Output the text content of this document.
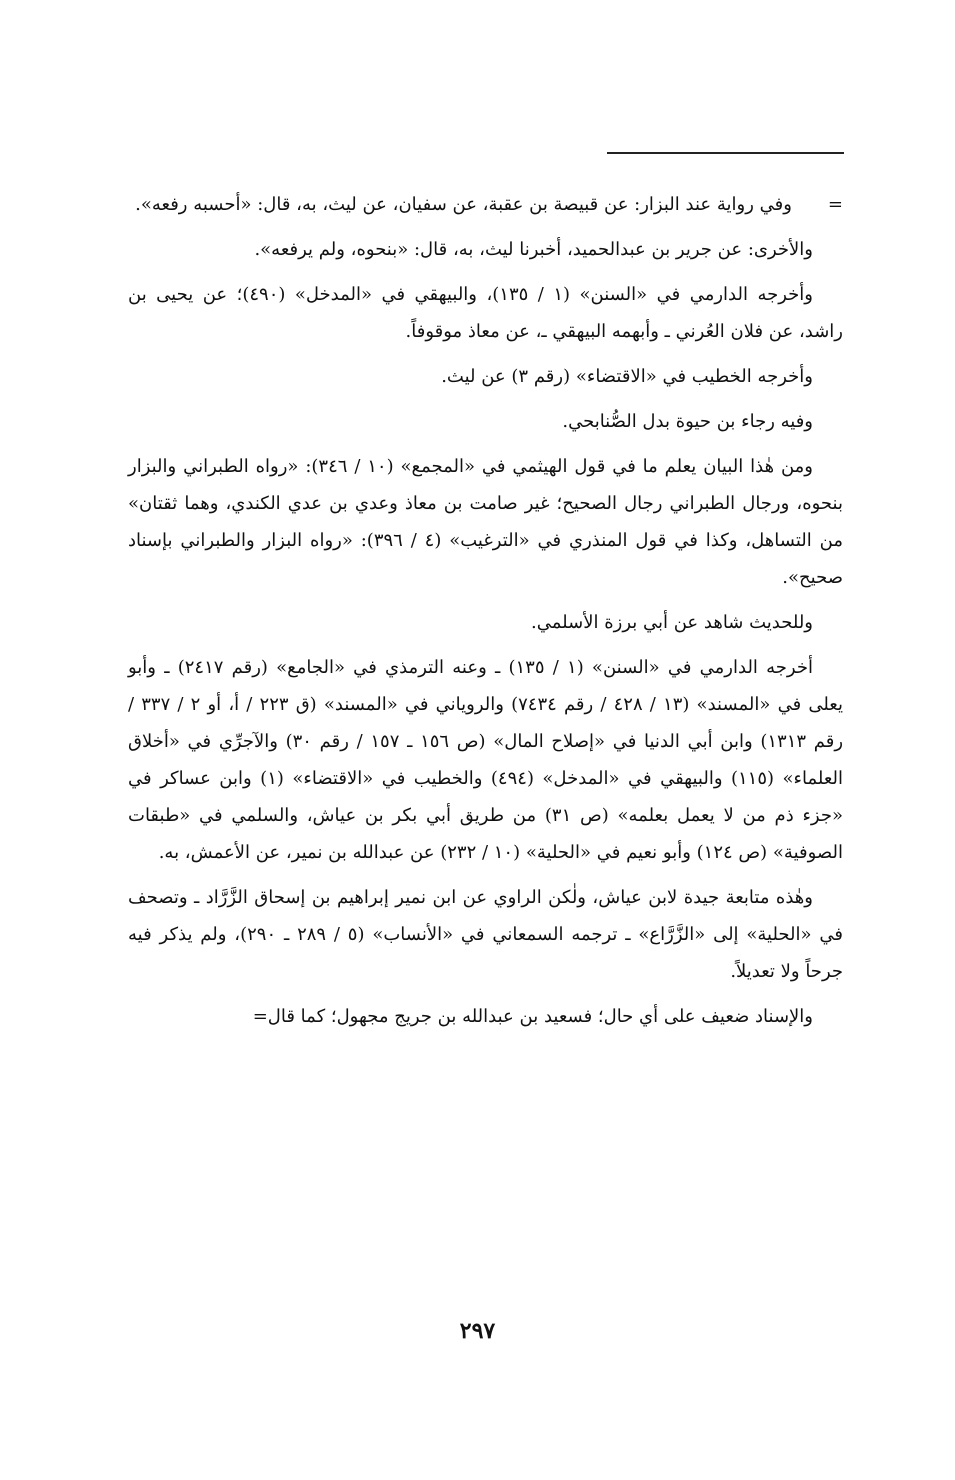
=وفي رواية عند البزار: عن قبيصة بن عقبة، عن سفيان، عن ليث، به، قال: «أحسبه رفعه».

والأخرى: عن جرير بن عبدالحميد، أخبرنا ليث، به، قال: «بنحوه، ولم يرفعه».

وأخرجه الدارمي في «السنن» (١ / ١٣٥)، والبيهقي في «المدخل» (٤٩٠)؛ عن يحيى بن راشد، عن فلان العُرني ـ وأبهمه البيهقي ـ، عن معاذ موقوفاً.

وأخرجه الخطيب في «الاقتضاء» (رقم ٣) عن ليث.

وفيه رجاء بن حيوة بدل الصُّنابحي.

ومن هٰذا البيان يعلم ما في قول الهيثمي في «المجمع» (١٠ / ٣٤٦): «رواه الطبراني والبزار بنحوه، ورجال الطبراني رجال الصحيح؛ غير صامت بن معاذ وعدي بن عدي الكندي، وهما ثقتان» من التساهل، وكذا في قول المنذري في «الترغيب» (٤ / ٣٩٦): «رواه البزار والطبراني بإسناد صحيح».

وللحديث شاهد عن أبي برزة الأسلمي.

أخرجه الدارمي في «السنن» (١ / ١٣٥) ـ وعنه الترمذي في «الجامع» (رقم ٢٤١٧) ـ وأبو يعلى في «المسند» (١٣ / ٤٢٨ / رقم ٧٤٣٤) والروياني في «المسند» (ق ٢٢٣ / أ، أو ٢ / ٣٣٧ / رقم ١٣١٣) وابن أبي الدنيا في «إصلاح المال» (ص ١٥٦ ـ ١٥٧ / رقم ٣٠) والآجرِّي في «أخلاق العلماء» (١١٥) والبيهقي في «المدخل» (٤٩٤) والخطيب في «الاقتضاء» (١) وابن عساكر في «جزء ذم من لا يعمل بعلمه» (ص ٣١) من طريق أبي بكر بن عياش، والسلمي في «طبقات الصوفية» (ص ١٢٤) وأبو نعيم في «الحلية» (١٠ / ٢٣٢) عن عبدالله بن نمير، عن الأعمش، به.

وهٰذه متابعة جيدة لابن عياش، ولٰكن الراوي عن ابن نمير إبراهيم بن إسحاق الزَّرَّاد ـ وتصحف في «الحلية» إلى «الزَّرَّاع» ـ ترجمه السمعاني في «الأنساب» (٥ / ٢٨٩ ـ ٢٩٠)، ولم يذكر فيه جرحاً ولا تعديلاً.

والإسناد ضعيف على أي حال؛ فسعيد بن عبدالله بن جريج مجهول؛ كما قال=

٢٩٧
